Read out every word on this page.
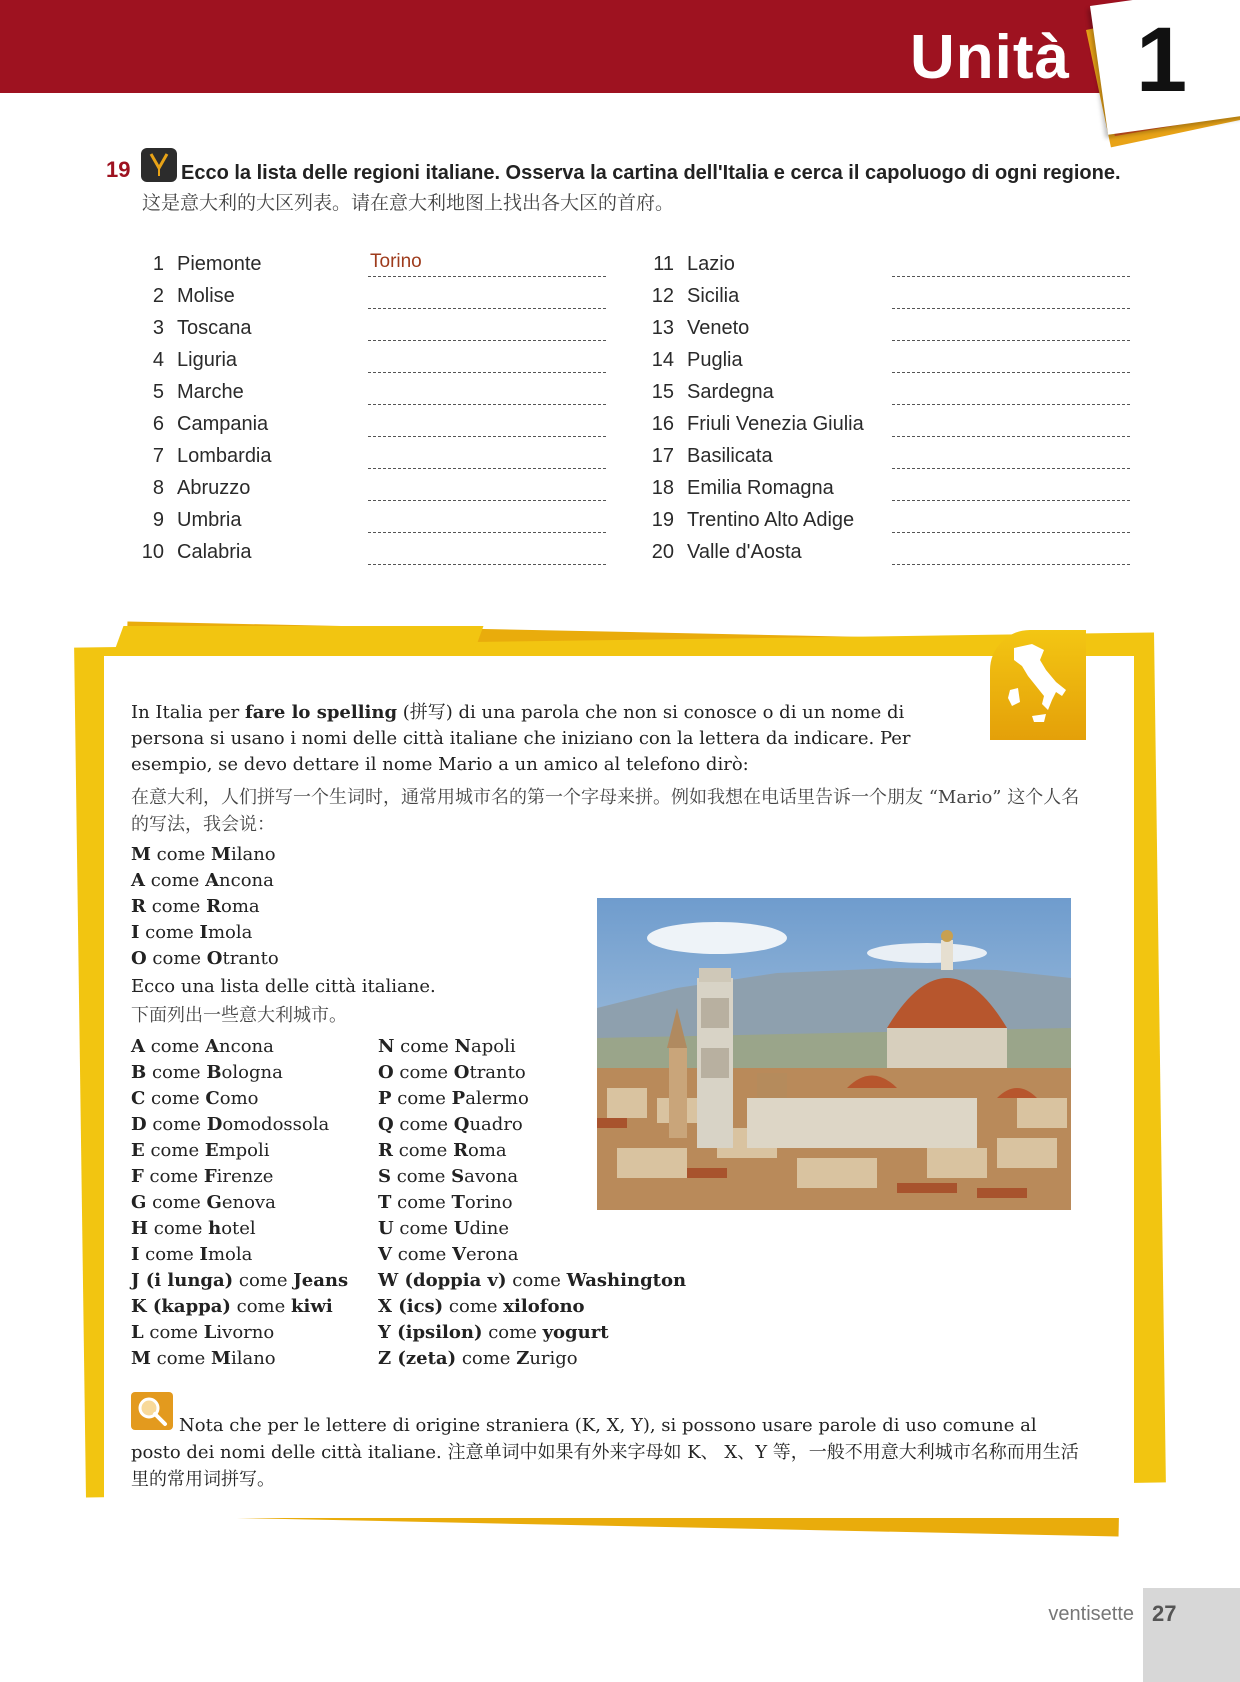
Unità 1
19	Ecco la lista delle regioni italiane. Osserva la cartina dell'Italia e cerca il capoluogo di ogni regione.
这是意大利的大区列表。请在意大利地图上找出各大区的首府。
1 Piemonte	Torino
2 Molise
3 Toscana
4 Liguria
5 Marche
6 Campania
7 Lombardia
8 Abruzzo
9 Umbria
10 Calabria
11 Lazio
12 Sicilia
13 Veneto
14 Puglia
15 Sardegna
16 Friuli Venezia Giulia
17 Basilicata
18 Emilia Romagna
19 Trentino Alto Adige
20 Valle d'Aosta
In Italia per fare lo spelling (拼写) di una parola che non si conosce o di un nome di persona si usano i nomi delle città italiane che iniziano con la lettera da indicare. Per esempio, se devo dettare il nome Mario a un amico al telefono dirò:
在意大利，人们拼写一个生词时，通常用城市名的第一个字母来拼。例如我想在电话里告诉一个朋友 “Mario” 这个人名的写法，我会说：
M come Milano
A come Ancona
R come Roma
I come Imola
O come Otranto
Ecco una lista delle città italiane.
下面列出一些意大利城市。
A come Ancona
B come Bologna
C come Como
D come Domodossola
E come Empoli
F come Firenze
G come Genova
H come hotel
I come Imola
J (i lunga) come Jeans
K (kappa) come kiwi
L come Livorno
M come Milano
N come Napoli
O come Otranto
P come Palermo
Q come Quadro
R come Roma
S come Savona
T come Torino
U come Udine
V come Verona
W (doppia v) come Washington
X (ics) come xilofono
Y (ipsilon) come yogurt
Z (zeta) come Zurigo
Nota che per le lettere di origine straniera (K, X, Y), si possono usare parole di uso comune al posto dei nomi delle città italiane. 注意单词中如果有外来字母如 K、 X、Y 等，一般不用意大利城市名称而用生活里的常用词拼写。
ventisette 27
